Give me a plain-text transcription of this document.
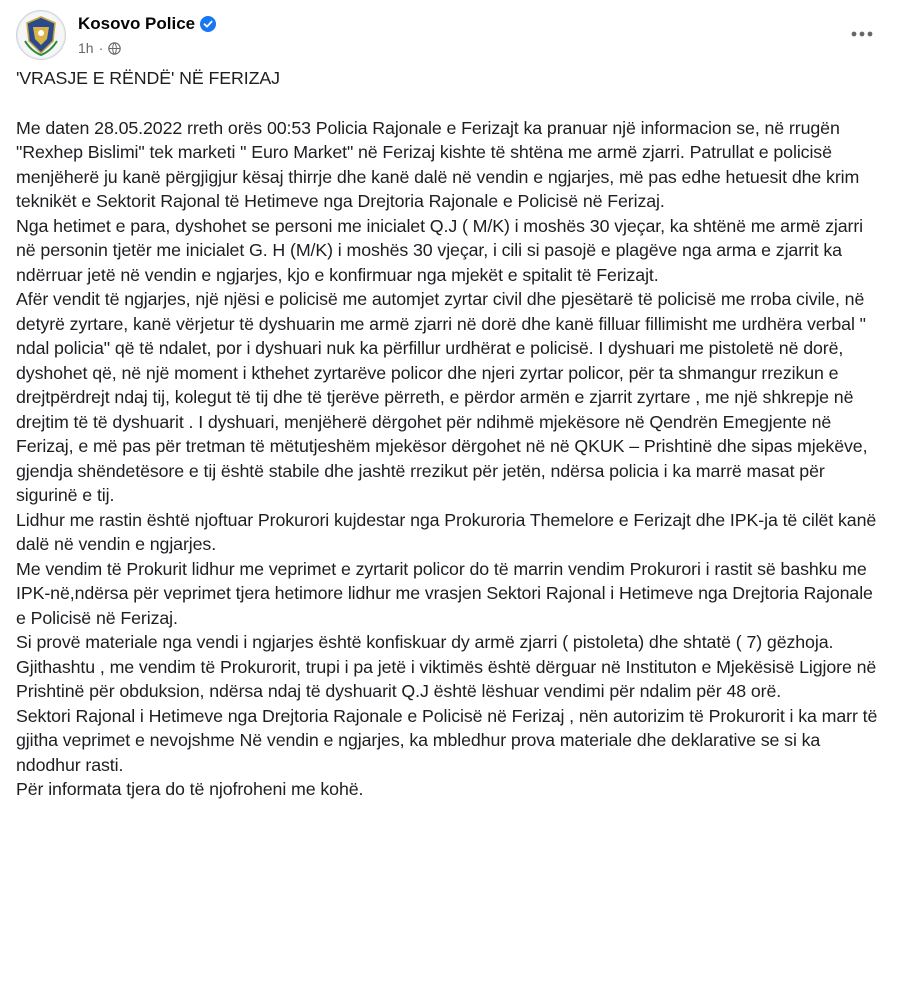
Kosovo Police
1h ·

'VRASJE E RËNDË' NË FERIZAJ

Me daten 28.05.2022 rreth orës 00:53 Policia Rajonale e Ferizajt ka pranuar një informacion se, në rrugën "Rexhep Bislimi" tek marketi " Euro Market" në Ferizaj kishte të shtëna me armë zjarri. Patrullat e policisë menjëherë ju kanë përgjigjur kësaj thirrje dhe kanë dalë në vendin e ngjarjes, më pas edhe hetuesit dhe krim teknikët e Sektorit Rajonal të Hetimeve nga Drejtoria Rajonale e Policisë në Ferizaj.

Nga hetimet e para, dyshohet se personi me inicialet Q.J ( M/K) i moshës 30 vjeçar, ka shtënë me armë zjarri në personin tjetër me inicialet G. H (M/K) i moshës 30 vjeçar, i cili si pasojë e plagëve nga arma e zjarrit ka ndërruar jetë në vendin e ngjarjes, kjo e konfirmuar nga mjekët e spitalit të Ferizajt.

Afër vendit të ngjarjes, një njësi e policisë me automjet zyrtar civil dhe pjesëtarë të policisë me rroba civile, në detyrë zyrtare, kanë vërjetur të dyshuarin me armë zjarri në dorë dhe kanë filluar fillimisht me urdhëra verbal " ndal policia" që të ndalet, por i dyshuari nuk ka përfillur urdhërat e policisë. I dyshuari me pistoletë në dorë, dyshohet që, në një moment i kthehet zyrtarëve policor dhe njeri zyrtar policor, për ta shmangur rrezikun e drejtpërdrejt ndaj tij, kolegut të tij dhe të tjerëve përreth, e përdor armën e zjarrit zyrtare , me një shkrepje në drejtim të të dyshuarit . I dyshuari, menjëherë dërgohet për ndihmë mjekësore në Qendrën Emegjente në Ferizaj, e më pas për tretman të mëtutjeshëm mjekësor dërgohet në në QKUK – Prishtinë dhe sipas mjekëve, gjendja shëndetësore e tij është stabile dhe jashtë rrezikut për jetën, ndërsa policia i ka marrë masat për sigurinë e tij.

Lidhur me rastin është njoftuar Prokurori kujdestar nga Prokuroria Themelore e Ferizajt dhe IPK-ja të cilët kanë dalë në vendin e ngjarjes.

Me vendim të Prokurit lidhur me veprimet e zyrtarit policor do të marrin vendim Prokurori i rastit së bashku me IPK-në,ndërsa për veprimet tjera hetimore lidhur me vrasjen Sektori Rajonal i Hetimeve nga Drejtoria Rajonale e Policisë në Ferizaj.

Si provë materiale nga vendi i ngjarjes është konfiskuar dy armë zjarri ( pistoleta) dhe shtatë ( 7) gëzhoja.

Gjithashtu , me vendim të Prokurorit, trupi i pa jetë i viktimës është dërguar në Instituton e Mjekësisë Ligjore në Prishtinë për obduksion, ndërsa ndaj të dyshuarit Q.J është lëshuar vendimi për ndalim për 48 orë.

Sektori Rajonal i Hetimeve nga Drejtoria Rajonale e Policisë në Ferizaj , nën autorizim të Prokurorit i ka marr të gjitha veprimet e nevojshme Në vendin e ngjarjes, ka mbledhur prova materiale dhe deklarative se si ka ndodhur rasti.

Për informata tjera do të njofroheni me kohë.
